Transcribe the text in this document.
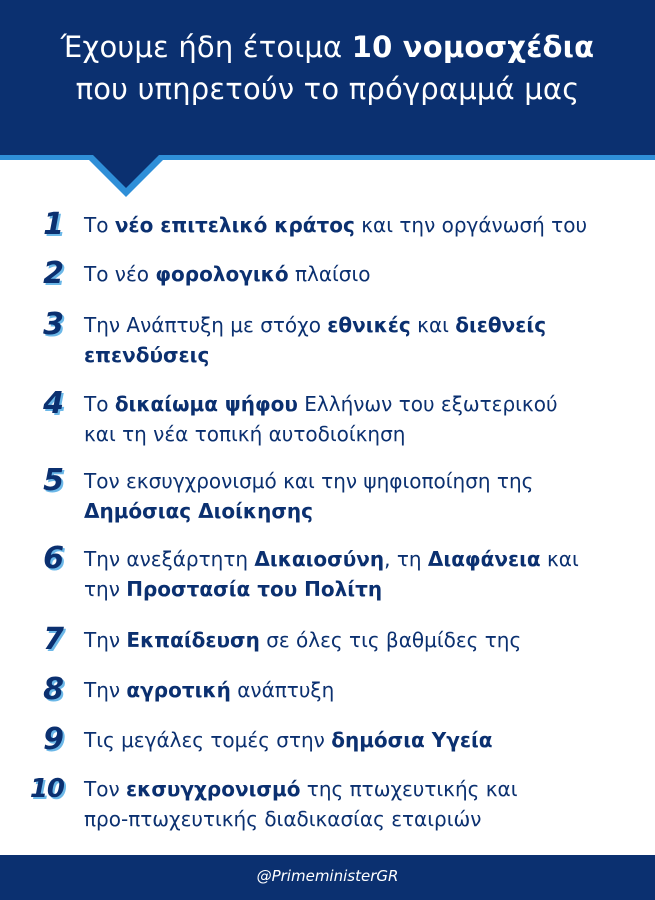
Έχουμε ήδη έτοιμα 10 νομοσχέδια
που υπηρετούν το πρόγραμμά μας
1 Το νέο επιτελικό κράτος και την οργάνωσή του
2 Το νέο φορολογικό πλαίσιο
3 Την Ανάπτυξη με στόχο εθνικές και διεθνείς
επενδύσεις
4 Το δικαίωμα ψήφου Ελλήνων του εξωτερικού
και τη νέα τοπική αυτοδιοίκηση
5 Τον εκσυγχρονισμό και την ψηφιοποίηση της
Δημόσιας Διοίκησης
6 Την ανεξάρτητη Δικαιοσύνη, τη Διαφάνεια και
την Προστασία του Πολίτη
7 Την Εκπαίδευση σε όλες τις βαθμίδες της
8 Την αγροτική ανάπτυξη
9 Τις μεγάλες τομές στην δημόσια Υγεία
10 Τον εκσυγχρονισμό της πτωχευτικής και
προ-πτωχευτικής διαδικασίας εταιριών
@PrimeministerGR
